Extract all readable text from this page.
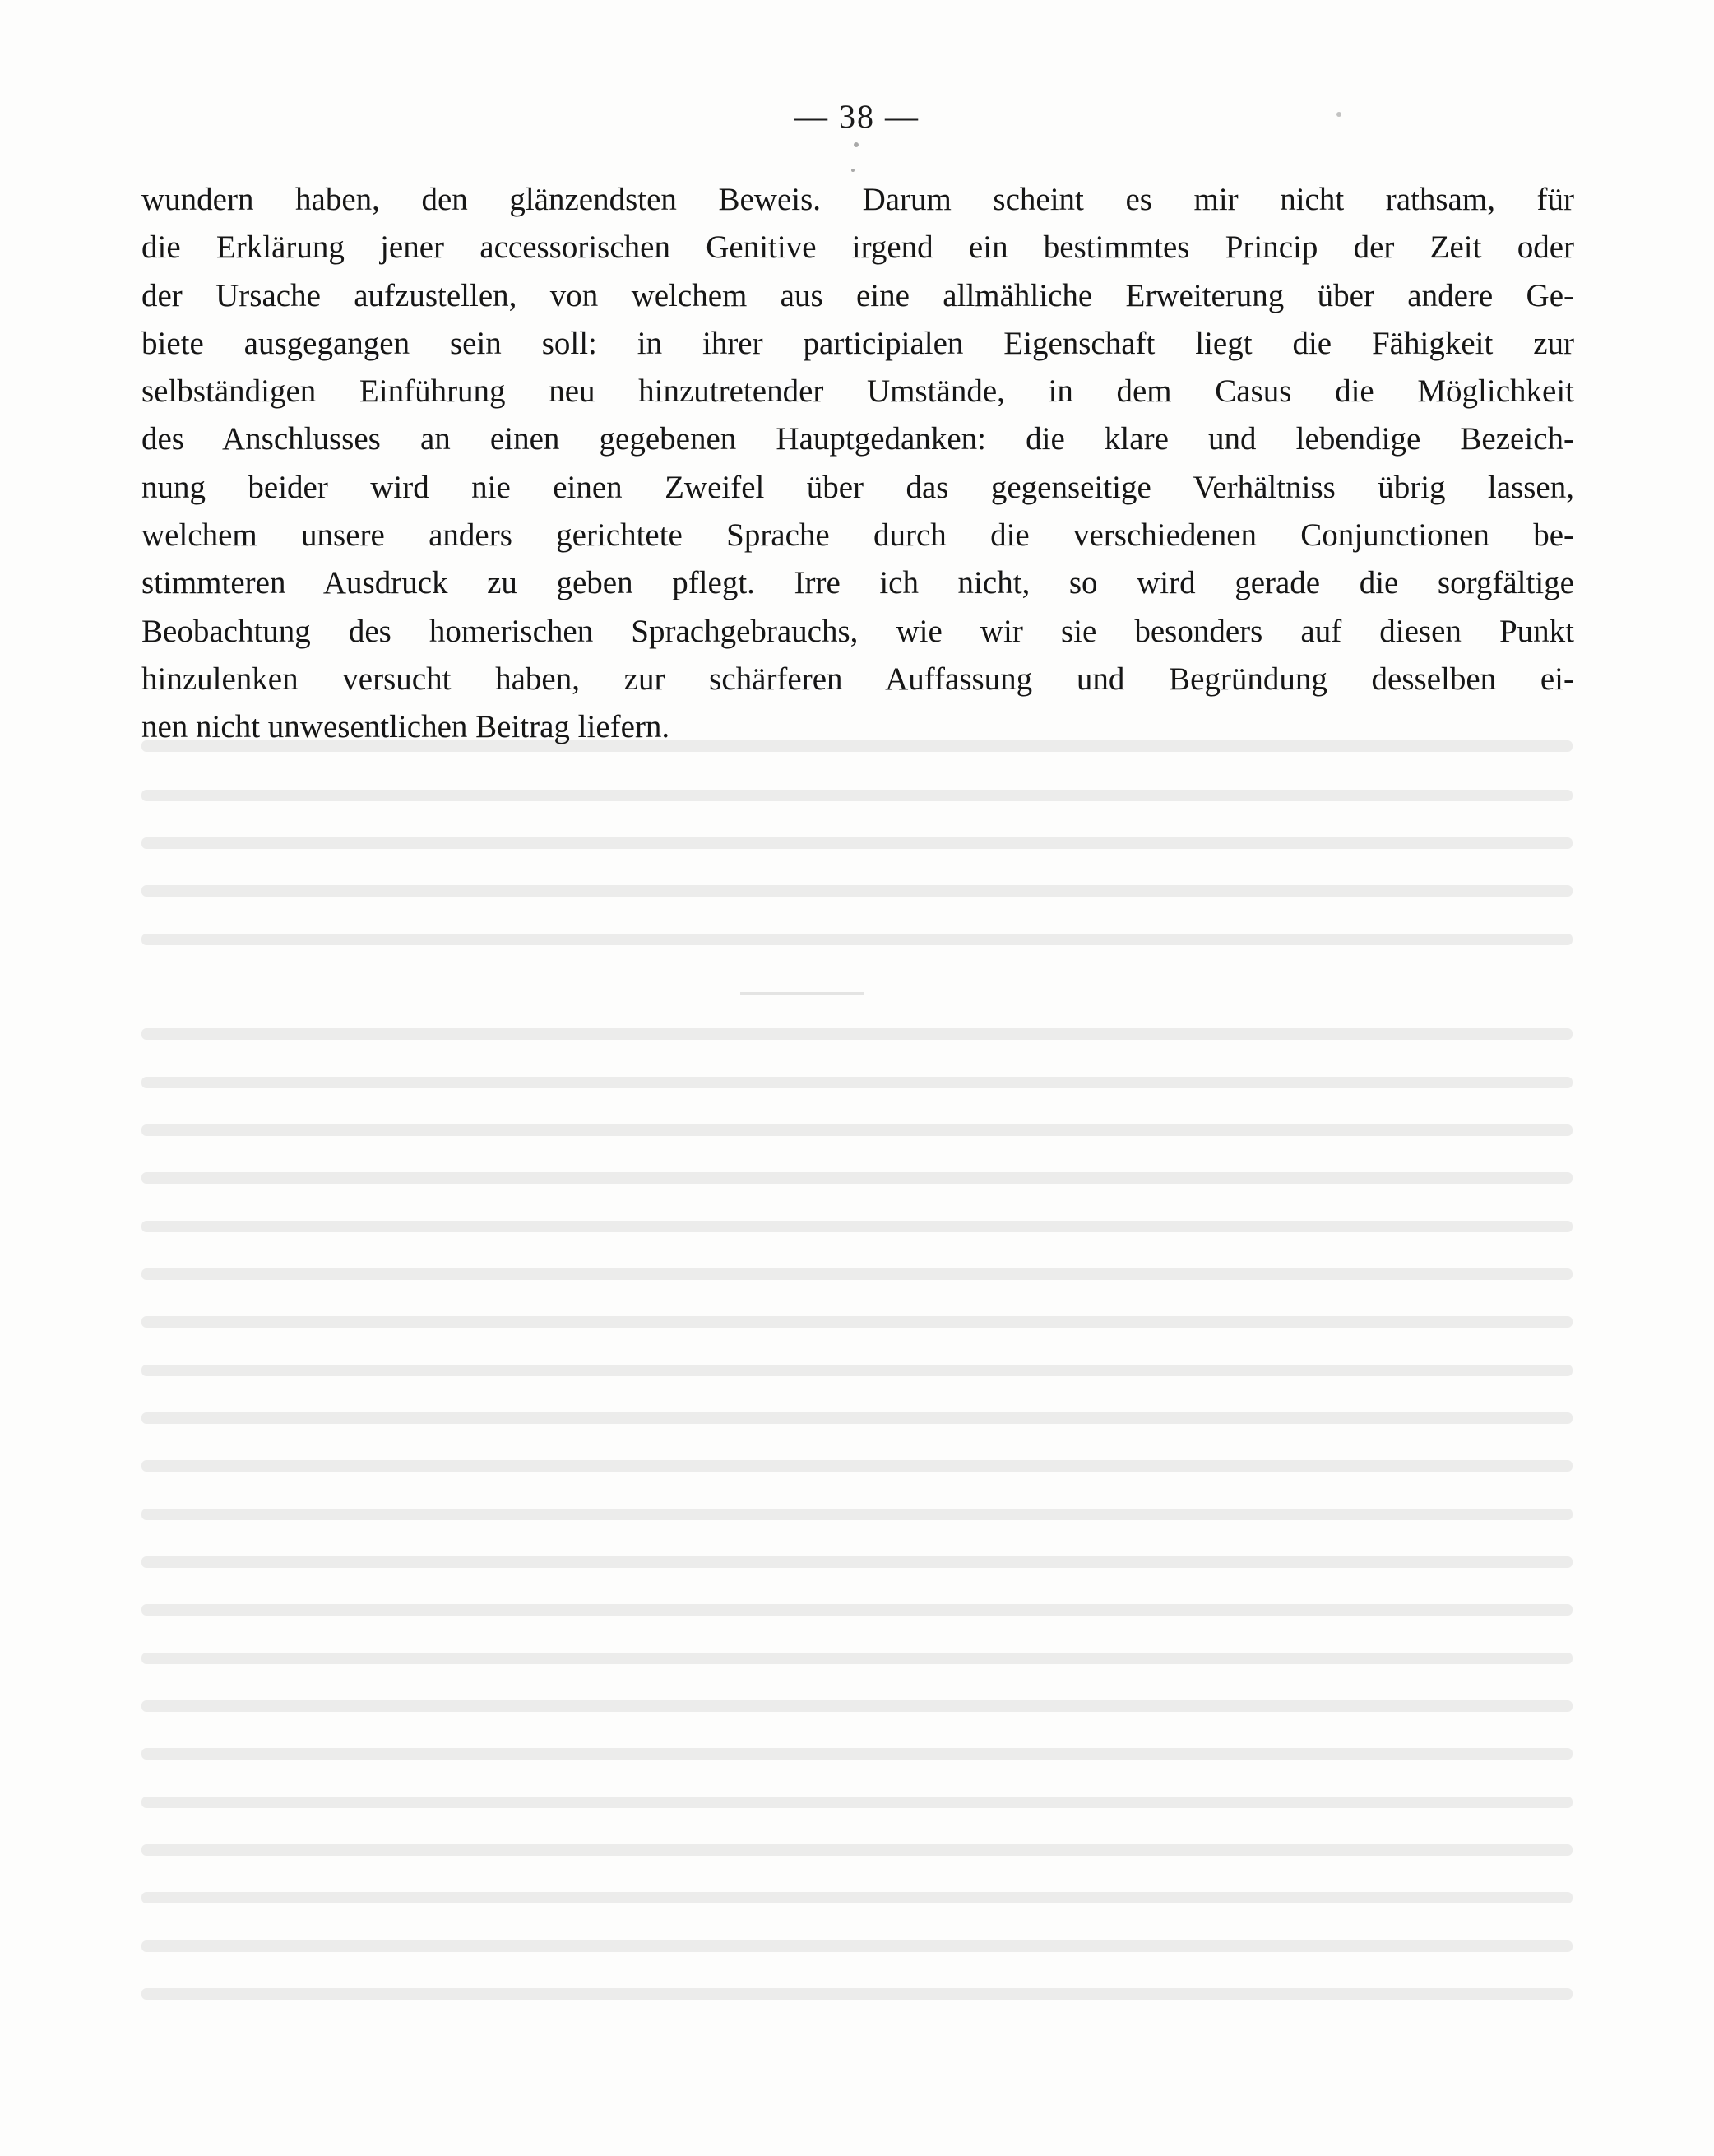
— 38 —
wundern haben, den glänzendsten Beweis. Darum scheint es mir nicht rathsam, für
die Erklärung jener accessorischen Genitive irgend ein bestimmtes Princip der Zeit oder
der Ursache aufzustellen, von welchem aus eine allmähliche Erweiterung über andere Ge-
biete ausgegangen sein soll: in ihrer participialen Eigenschaft liegt die Fähigkeit zur
selbständigen Einführung neu hinzutretender Umstände, in dem Casus die Möglichkeit
des Anschlusses an einen gegebenen Hauptgedanken: die klare und lebendige Bezeich-
nung beider wird nie einen Zweifel über das gegenseitige Verhältniss übrig lassen,
welchem unsere anders gerichtete Sprache durch die verschiedenen Conjunctionen be-
stimmteren Ausdruck zu geben pflegt. Irre ich nicht, so wird gerade die sorgfältige
Beobachtung des homerischen Sprachgebrauchs, wie wir sie besonders auf diesen Punkt
hinzulenken versucht haben, zur schärferen Auffassung und Begründung desselben ei-
nen nicht unwesentlichen Beitrag liefern.
